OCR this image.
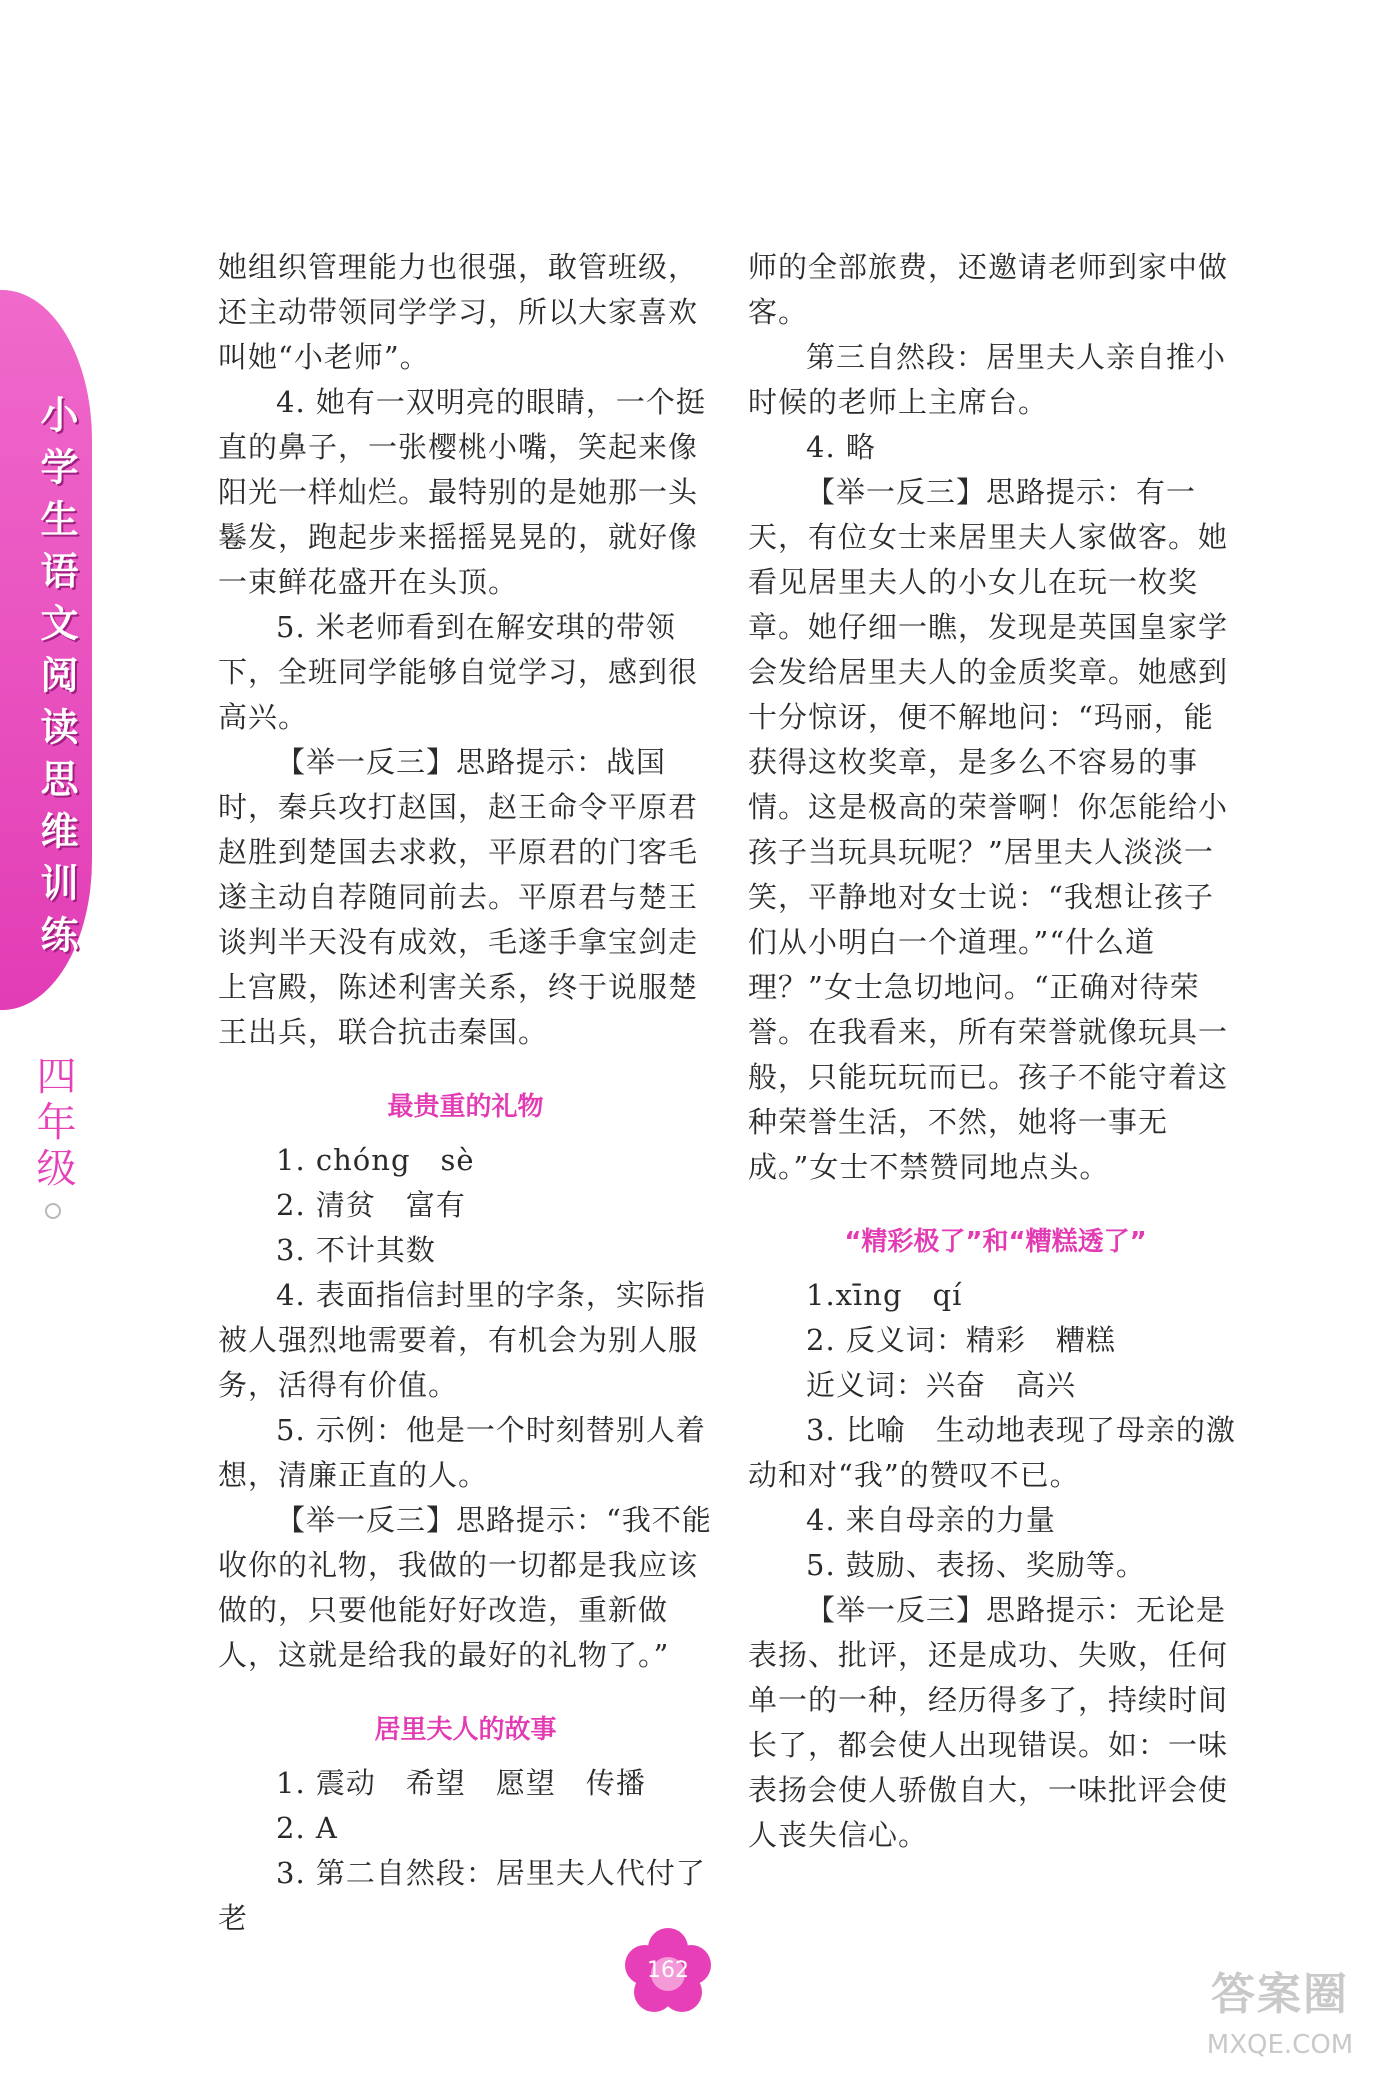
小学生语文阅读思维训练
四年级

她组织管理能力也很强，敢管班级，还主动带领同学学习，所以大家喜欢叫她“小老师”。

4. 她有一双明亮的眼睛，一个挺直的鼻子，一张樱桃小嘴，笑起来像阳光一样灿烂。最特别的是她那一头鬈发，跑起步来摇摇晃晃的，就好像一束鲜花盛开在头顶。

5. 米老师看到在解安琪的带领下，全班同学能够自觉学习，感到很高兴。

【举一反三】思路提示：战国时，秦兵攻打赵国，赵王命令平原君赵胜到楚国去求救，平原君的门客毛遂主动自荐随同前去。平原君与楚王谈判半天没有成效，毛遂手拿宝剑走上宫殿，陈述利害关系，终于说服楚王出兵，联合抗击秦国。

最贵重的礼物

1. chóng　sè

2. 清贫　富有

3. 不计其数

4. 表面指信封里的字条，实际指被人强烈地需要着，有机会为别人服务，活得有价值。

5. 示例：他是一个时刻替别人着想，清廉正直的人。

【举一反三】思路提示：“我不能收你的礼物，我做的一切都是我应该做的，只要他能好好改造，重新做人，这就是给我的最好的礼物了。”

居里夫人的故事

1. 震动　希望　愿望　传播

2. A

3. 第二自然段：居里夫人代付了老

师的全部旅费，还邀请老师到家中做客。

第三自然段：居里夫人亲自推小时候的老师上主席台。

4. 略

【举一反三】思路提示：有一天，有位女士来居里夫人家做客。她看见居里夫人的小女儿在玩一枚奖章。她仔细一瞧，发现是英国皇家学会发给居里夫人的金质奖章。她感到十分惊讶，便不解地问：“玛丽，能获得这枚奖章，是多么不容易的事情。这是极高的荣誉啊！你怎能给小孩子当玩具玩呢？”居里夫人淡淡一笑，平静地对女士说：“我想让孩子们从小明白一个道理。”“什么道理？”女士急切地问。“正确对待荣誉。在我看来，所有荣誉就像玩具一般，只能玩玩而已。孩子不能守着这种荣誉生活，不然，她将一事无成。”女士不禁赞同地点头。

“精彩极了”和“糟糕透了”

1.xīng　qí

2. 反义词：精彩　糟糕

近义词：兴奋　高兴

3. 比喻　生动地表现了母亲的激动和对“我”的赞叹不已。

4. 来自母亲的力量

5. 鼓励、表扬、奖励等。

【举一反三】思路提示：无论是表扬、批评，还是成功、失败，任何单一的一种，经历得多了，持续时间长了，都会使人出现错误。如：一味表扬会使人骄傲自大，一味批评会使人丧失信心。

162	答案圈
MXQE.COM
